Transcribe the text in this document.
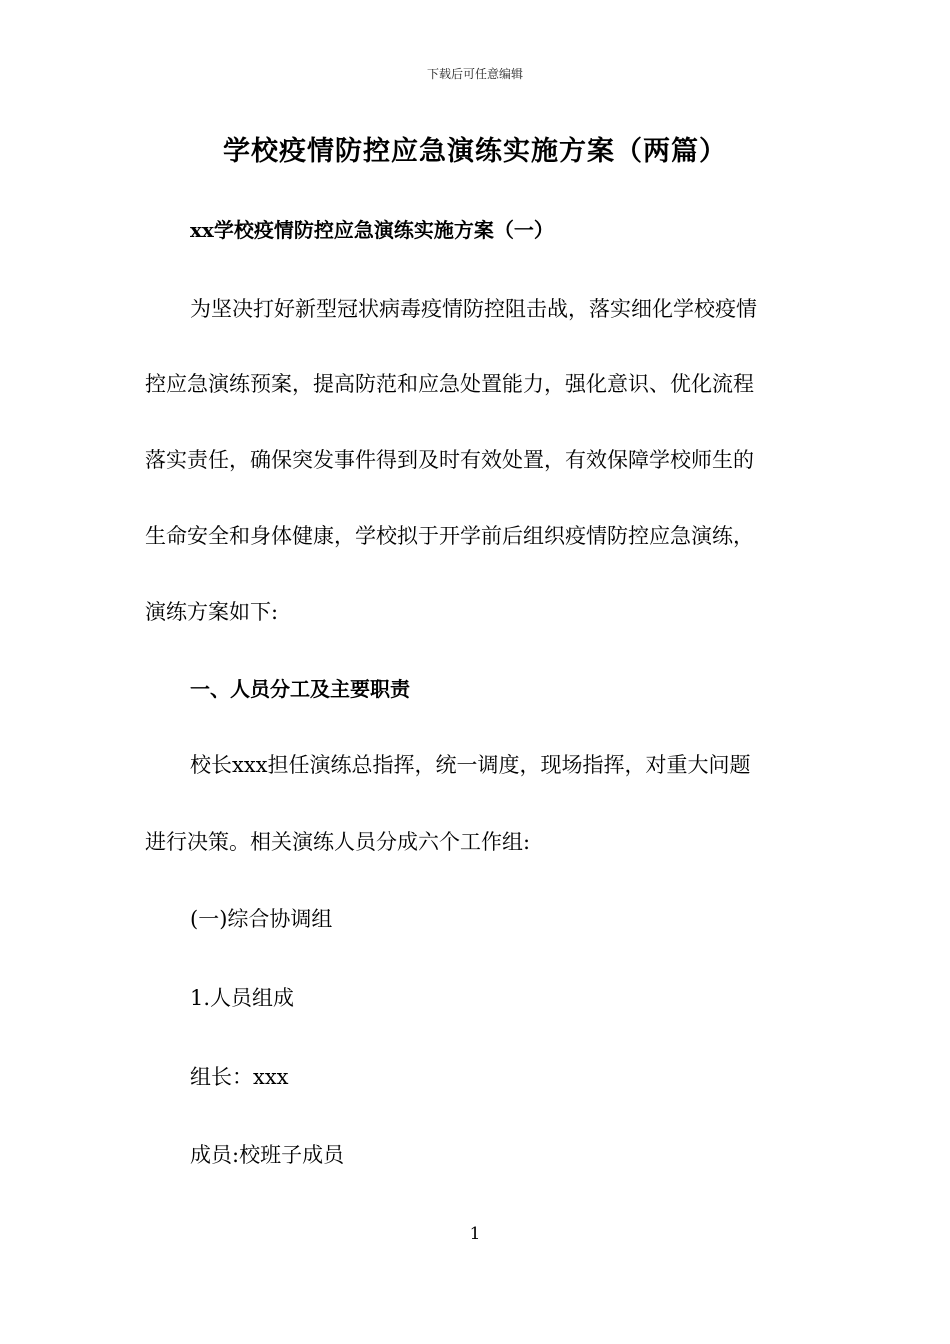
下载后可任意编辑
学校疫情防控应急演练实施方案（两篇）
xx学校疫情防控应急演练实施方案（一）
为坚决打好新型冠状病毒疫情防控阻击战，落实细化学校疫情
控应急演练预案，提高防范和应急处置能力，强化意识、优化流程
落实责任，确保突发事件得到及时有效处置，有效保障学校师生的
生命安全和身体健康，学校拟于开学前后组织疫情防控应急演练，
演练方案如下:
一、人员分工及主要职责
校长xxx担任演练总指挥，统一调度，现场指挥，对重大问题
进行决策。相关演练人员分成六个工作组:
(一)综合协调组
1.人员组成
组长：xxx
成员:校班子成员
1
